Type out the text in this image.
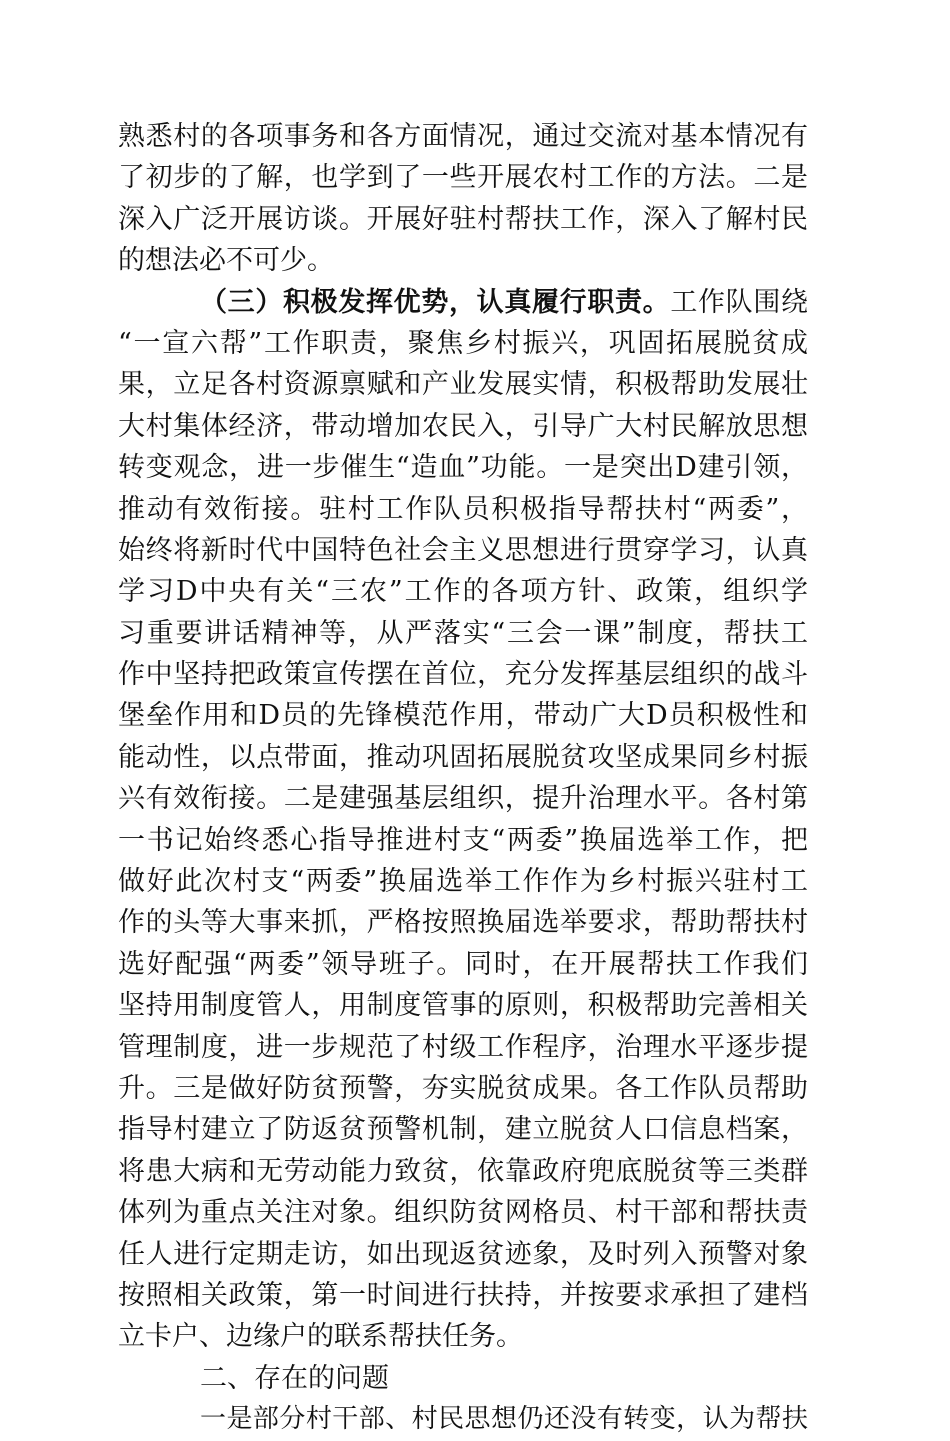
熟悉村的各项事务和各方面情况，通过交流对基本情况有
了初步的了解，也学到了一些开展农村工作的方法。二是
深入广泛开展访谈。开展好驻村帮扶工作，深入了解村民
的想法必不可少。
（三）积极发挥优势，认真履行职责。工作队围绕
“一宣六帮”工作职责，聚焦乡村振兴，巩固拓展脱贫成
果，立足各村资源禀赋和产业发展实情，积极帮助发展壮
大村集体经济，带动增加农民入，引导广大村民解放思想
转变观念，进一步催生“造血”功能。一是突出D建引领，
推动有效衔接。驻村工作队员积极指导帮扶村“两委”，
始终将新时代中国特色社会主义思想进行贯穿学习，认真
学习D中央有关“三农”工作的各项方针、政策，组织学
习重要讲话精神等，从严落实“三会一课”制度，帮扶工
作中坚持把政策宣传摆在首位，充分发挥基层组织的战斗
堡垒作用和D员的先锋模范作用，带动广大D员积极性和
能动性，以点带面，推动巩固拓展脱贫攻坚成果同乡村振
兴有效衔接。二是建强基层组织，提升治理水平。各村第
一书记始终悉心指导推进村支“两委”换届选举工作，把
做好此次村支“两委”换届选举工作作为乡村振兴驻村工
作的头等大事来抓，严格按照换届选举要求，帮助帮扶村
选好配强“两委”领导班子。同时，在开展帮扶工作我们
坚持用制度管人，用制度管事的原则，积极帮助完善相关
管理制度，进一步规范了村级工作程序，治理水平逐步提
升。三是做好防贫预警，夯实脱贫成果。各工作队员帮助
指导村建立了防返贫预警机制，建立脱贫人口信息档案，
将患大病和无劳动能力致贫，依靠政府兜底脱贫等三类群
体列为重点关注对象。组织防贫网格员、村干部和帮扶责
任人进行定期走访，如出现返贫迹象，及时列入预警对象
按照相关政策，第一时间进行扶持，并按要求承担了建档
立卡户、边缘户的联系帮扶任务。
二、存在的问题
一是部分村干部、村民思想仍还没有转变，认为帮扶
